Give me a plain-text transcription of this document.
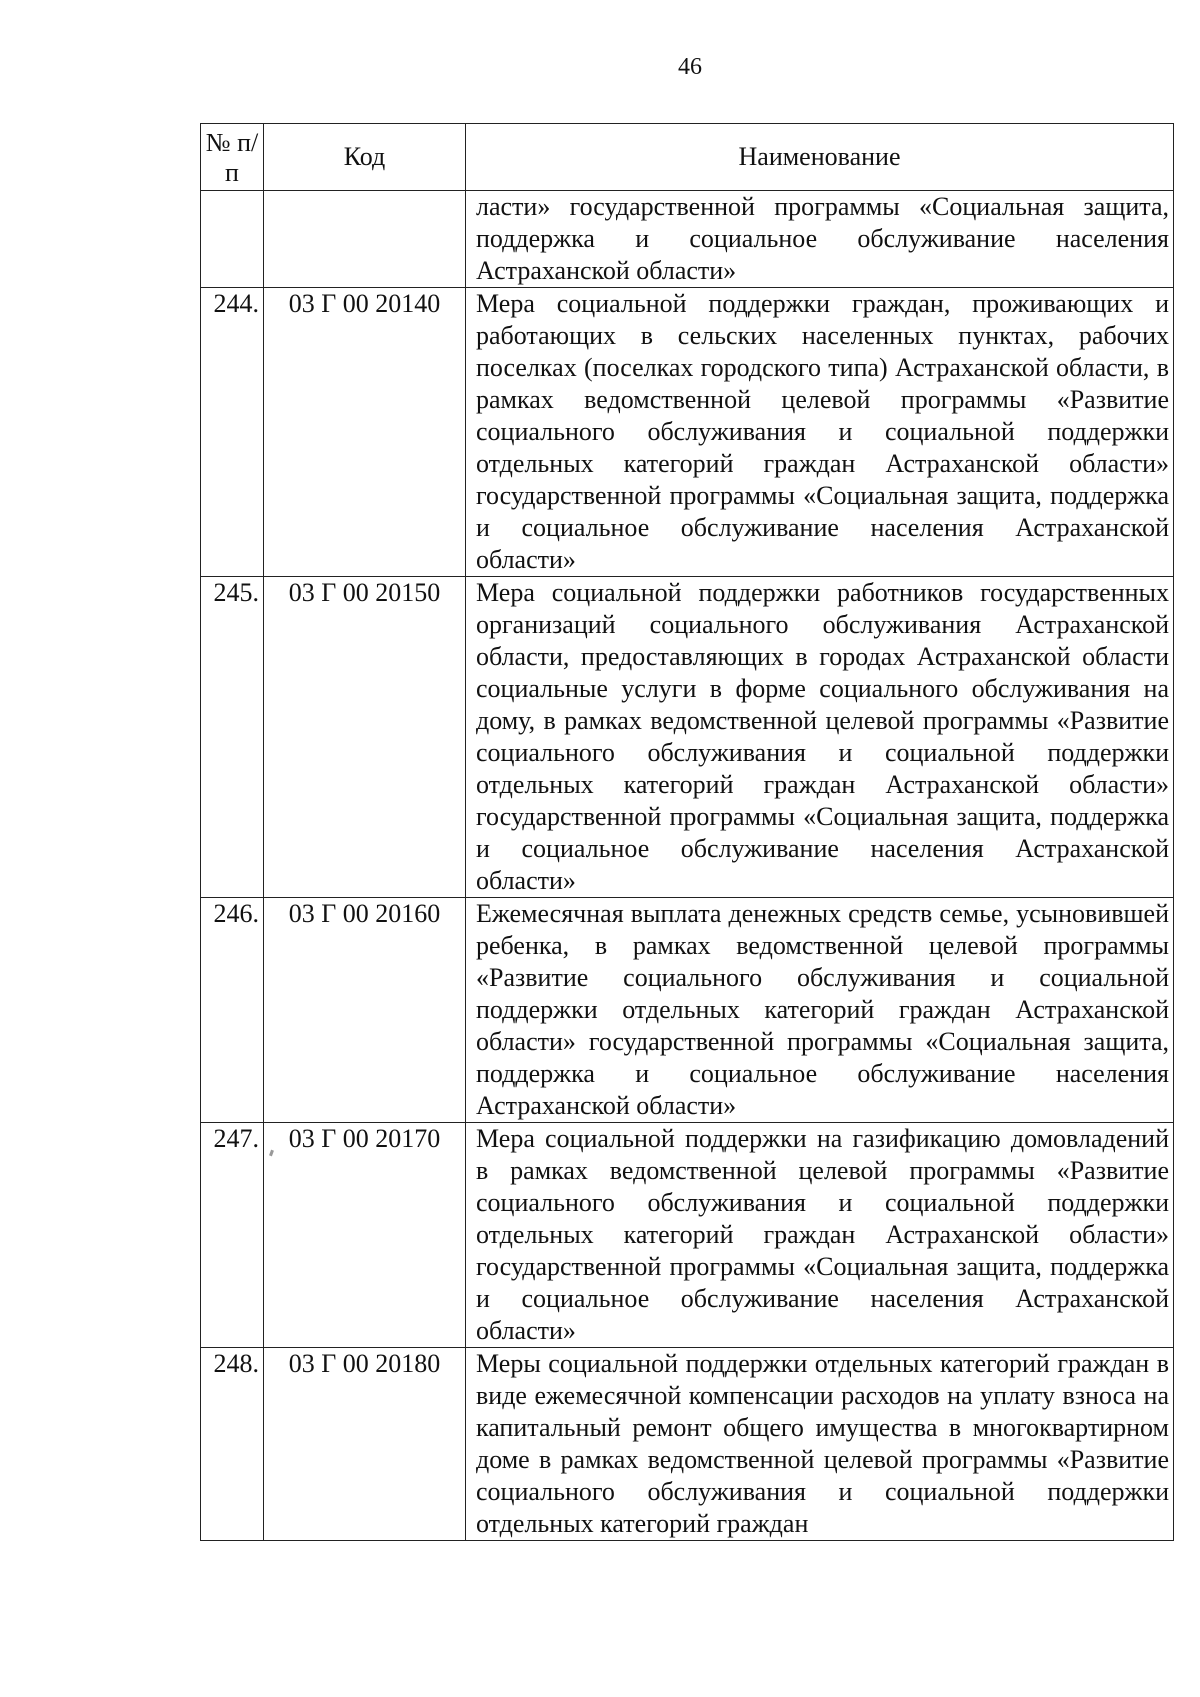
46
№ п/п	Код	Наименование
		ласти» государственной программы «Социальная защита, поддержка и социальное обслуживание населения Астраханской области»
244.	03 Г 00 20140	Мера социальной поддержки граждан, проживающих и работающих в сельских населенных пунктах, рабочих поселках (поселках городского типа) Астраханской области, в рамках ведомственной целевой программы «Развитие социального обслуживания и социальной поддержки отдельных категорий граждан Астраханской области» государственной программы «Социальная защита, поддержка и социальное обслуживание населения Астраханской области»
245.	03 Г 00 20150	Мера социальной поддержки работников государственных организаций социального обслуживания Астраханской области, предоставляющих в городах Астраханской области социальные услуги в форме социального обслуживания на дому, в рамках ведомственной целевой программы «Развитие социального обслуживания и социальной поддержки отдельных категорий граждан Астраханской области» государственной программы «Социальная защита, поддержка и социальное обслуживание населения Астраханской области»
246.	03 Г 00 20160	Ежемесячная выплата денежных средств семье, усыновившей ребенка, в рамках ведомственной целевой программы «Развитие социального обслуживания и социальной поддержки отдельных категорий граждан Астраханской области» государственной программы «Социальная защита, поддержка и социальное обслуживание населения Астраханской области»
247.	03 Г 00 20170	Мера социальной поддержки на газификацию домовладений в рамках ведомственной целевой программы «Развитие социального обслуживания и социальной поддержки отдельных категорий граждан Астраханской области» государственной программы «Социальная защита, поддержка и социальное обслуживание населения Астраханской области»
248.	03 Г 00 20180	Меры социальной поддержки отдельных категорий граждан в виде ежемесячной компенсации расходов на уплату взноса на капитальный ремонт общего имущества в многоквартирном доме в рамках ведомственной целевой программы «Развитие социального обслуживания и социальной поддержки отдельных категорий граждан
